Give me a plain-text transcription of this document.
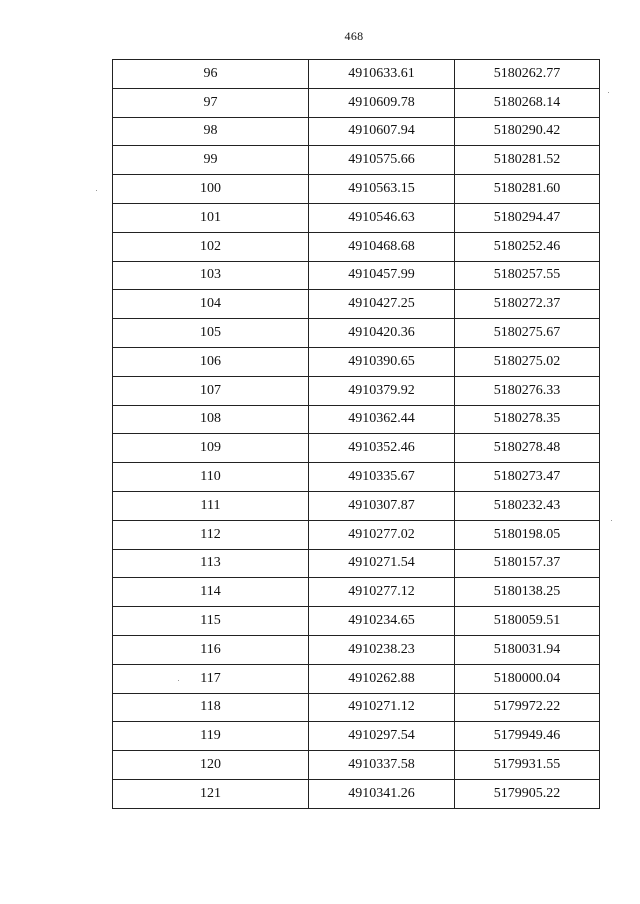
468
96	4910633.61	5180262.77
97	4910609.78	5180268.14
98	4910607.94	5180290.42
99	4910575.66	5180281.52
100	4910563.15	5180281.60
101	4910546.63	5180294.47
102	4910468.68	5180252.46
103	4910457.99	5180257.55
104	4910427.25	5180272.37
105	4910420.36	5180275.67
106	4910390.65	5180275.02
107	4910379.92	5180276.33
108	4910362.44	5180278.35
109	4910352.46	5180278.48
110	4910335.67	5180273.47
111	4910307.87	5180232.43
112	4910277.02	5180198.05
113	4910271.54	5180157.37
114	4910277.12	5180138.25
115	4910234.65	5180059.51
116	4910238.23	5180031.94
117	4910262.88	5180000.04
118	4910271.12	5179972.22
119	4910297.54	5179949.46
120	4910337.58	5179931.55
121	4910341.26	5179905.22
